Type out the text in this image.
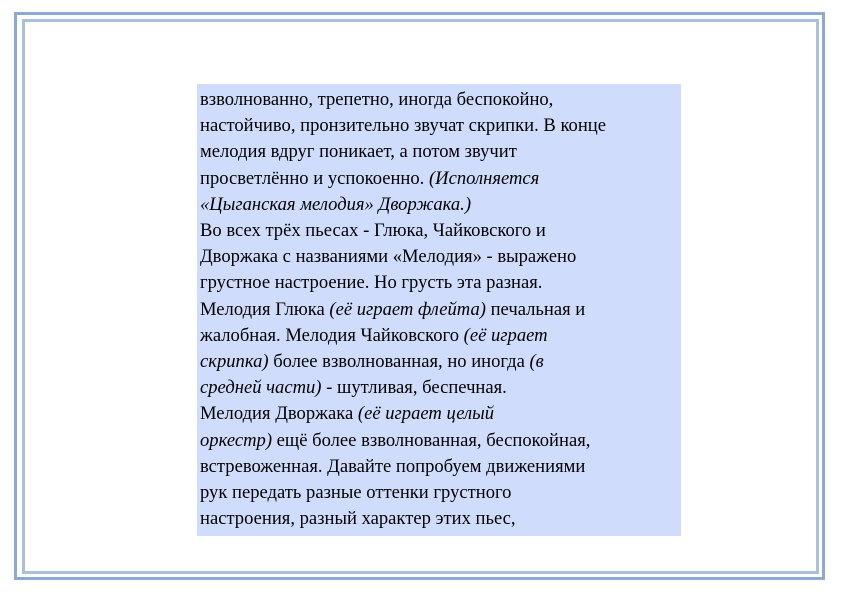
взволнованно, трепетно, иногда беспокойно,
настойчиво, пронзительно звучат скрипки. В конце
мелодия вдруг поникает, а потом звучит
просветлённо и успокоенно. (Исполняется
«Цыганская мелодия» Дворжака.)
Во всех трёх пьесах - Глюка, Чайковского и
Дворжака с названиями «Мелодия» - выражено
грустное настроение. Но грусть эта разная.
Мелодия Глюка (её играет флейта) печальная и
жалобная. Мелодия Чайковского (её играет
скрипка) более взволнованная, но иногда (в
средней части) - шутливая, беспечная.
Мелодия Дворжака (её играет целый
оркестр) ещё более взволнованная, беспокойная,
встревоженная. Давайте попробуем движениями
рук передать разные оттенки грустного
настроения, разный характер этих пьес,
